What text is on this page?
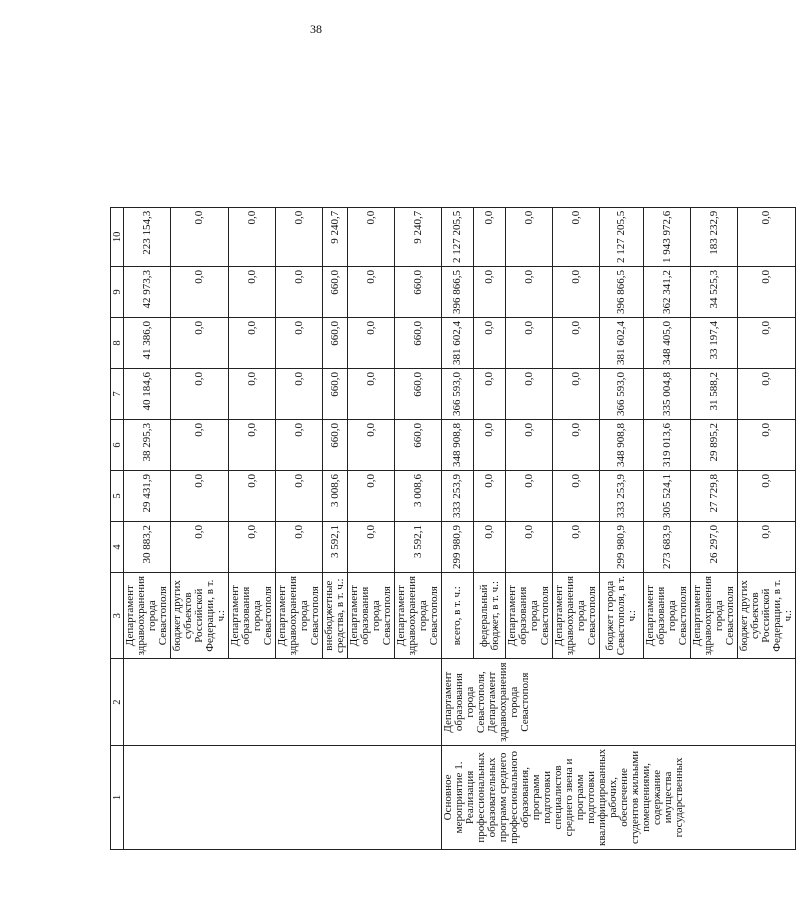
38
1	2	3	4	5	6	7	8	9	10
		Департамент здравоохранения города Севастополя	30 883,2	29 431,9	38 295,3	40 184,6	41 386,0	42 973,3	223 154,3
		бюджет других субъектов Российской Федерации, в т. ч.:	0,0	0,0	0,0	0,0	0,0	0,0	0,0
		Департамент образования города Севастополя	0,0	0,0	0,0	0,0	0,0	0,0	0,0
		Департамент здравоохранения города Севастополя	0,0	0,0	0,0	0,0	0,0	0,0	0,0
		внебюджетные средства, в т. ч.:	3 592,1	3 008,6	660,0	660,0	660,0	660,0	9 240,7
		Департамент образования города Севастополя	0,0	0,0	0,0	0,0	0,0	0,0	0,0
		Департамент здравоохранения города Севастополя	3 592,1	3 008,6	660,0	660,0	660,0	660,0	9 240,7
Основное мероприятие 1. Реализация профессиональных образовательных программ среднего профессионального образования, программ подготовки специалистов среднего звена и программ подготовки квалифицированных рабочих, обеспечение студентов жильыми помещениями, содержание имущества государственных	Департамент образования города Севастополя, Департамент здравоохранения города Севастополя	всего, в т. ч.:	299 980,9	333 253,9	348 908,8	366 593,0	381 602,4	396 866,5	2 127 205,5
		федеральный бюджет, в т. ч.:	0,0	0,0	0,0	0,0	0,0	0,0	0,0
		Департамент образования города Севастополя	0,0	0,0	0,0	0,0	0,0	0,0	0,0
		Департамент здравоохранения города Севастополя	0,0	0,0	0,0	0,0	0,0	0,0	0,0
		бюджет города Севастополя, в т. ч.:	299 980,9	333 253,9	348 908,8	366 593,0	381 602,4	396 866,5	2 127 205,5
		Департамент образования города Севастополя	273 683,9	305 524,1	319 013,6	335 004,8	348 405,0	362 341,2	1 943 972,6
		Департамент здравоохранения города Севастополя	26 297,0	27 729,8	29 895,2	31 588,2	33 197,4	34 525,3	183 232,9
		бюджет других субъектов Российской Федерации, в т. ч.:	0,0	0,0	0,0	0,0	0,0	0,0	0,0
